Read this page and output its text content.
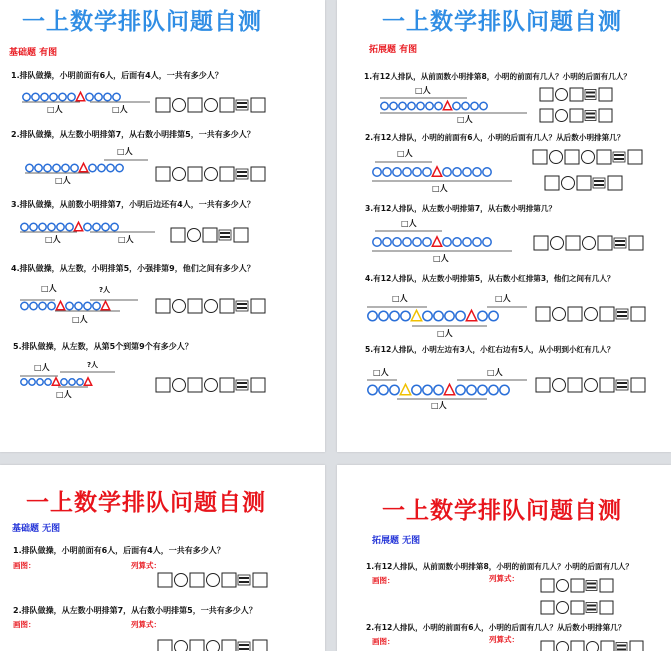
一上数学排队问题自测
基础题 有图
1.排队做操，小明前面有6人，后面有4人，一共有多少人？
2.排队做操，从左数小明排第7，从右数小明排第5，一共有多少人？
3.排队做操，从前数小明排第7，小明后边还有4人，一共有多少人？
4.排队做操，从左数，小明排第5，小强排第9，他们之间有多少人？
5.排队做操，从左数，从第5个到第9个有多少人？
□人	□人
□人
□人
□人	□人
□人	?人
□人
□人	?人
□人
一上数学排队问题自测
拓展题 有图
1.有12人排队，从前面数小明排第8，小明的前面有几人？小明的后面有几人？
2.有12人排队，小明的前面有6人，小明的后面有几人？从后数小明排第几？
3.有12人排队，从左数小明排第7，从右数小明排第几？
4.有12人排队，从左数小明排第5，从右数小红排第3，他们之间有几人？
5.有12人排队，小明左边有3人，小红右边有5人，从小明到小红有几人？
□人
□人
□人
□人
□人
□人
□人	□人
□人
□人	□人
□人
一上数学排队问题自测
基础题 无图
1.排队做操，小明前面有6人，后面有4人，一共有多少人？
画图：	列算式：
2.排队做操，从左数小明排第7，从右数小明排第5，一共有多少人？
画图：	列算式：
一上数学排队问题自测
拓展题 无图
1.有12人排队，从前面数小明排第8，小明的前面有几人？小明的后面有几人？
画图：	列算式：
2.有12人排队，小明的前面有6人，小明的后面有几人？从后数小明排第几？
列算式：
画图：
